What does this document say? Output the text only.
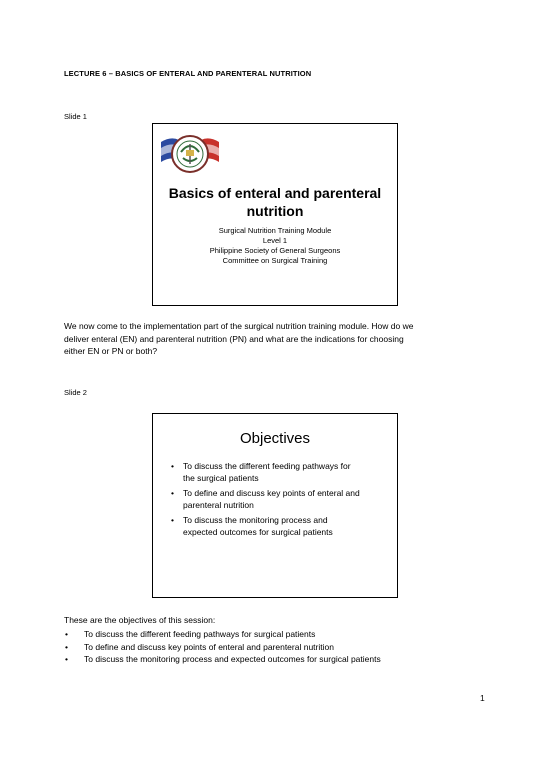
LECTURE 6 – BASICS OF ENTERAL AND PARENTERAL NUTRITION
Slide 1
Basics of enteral and parenteral
nutrition
Surgical Nutrition Training Module
Level 1
Philippine Society of General Surgeons
Committee on Surgical Training
We now come to the implementation part of the surgical nutrition training module. How do we
deliver enteral (EN) and parenteral nutrition (PN) and what are the indications for choosing
either EN or PN or both?
Slide 2
Objectives
• To discuss the different feeding pathways for
the surgical patients
• To define and discuss key points of enteral and
parenteral nutrition
• To discuss the monitoring process and
expected outcomes for surgical patients
These are the objectives of this session:
• To discuss the different feeding pathways for surgical patients
• To define and discuss key points of enteral and parenteral nutrition
• To discuss the monitoring process and expected outcomes for surgical patients
1
